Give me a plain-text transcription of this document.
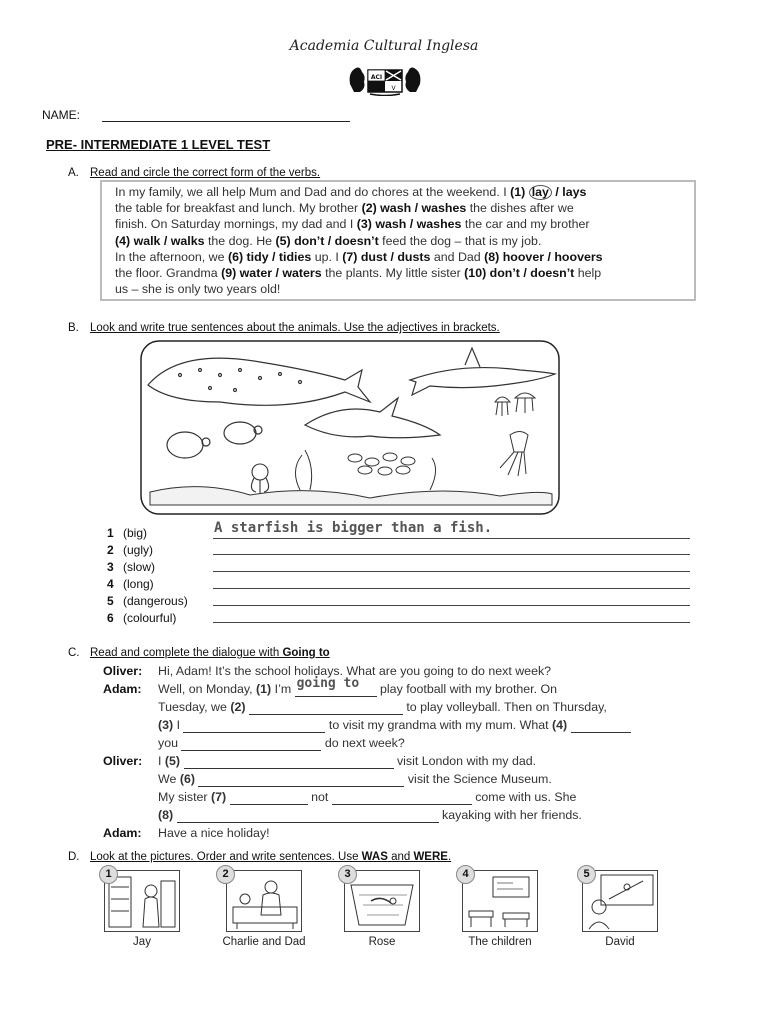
Academia Cultural Inglesa
ACI
V
NAME:
PRE- INTERMEDIATE 1 LEVEL TEST
A. Read and circle the correct form of the verbs.
In my family, we all help Mum and Dad and do chores at the weekend. I (1) lay / lays
the table for breakfast and lunch. My brother (2) wash / washes the dishes after we
finish. On Saturday mornings, my dad and I (3) wash / washes the car and my brother
(4) walk / walks the dog. He (5) don’t / doesn’t feed the dog – that is my job.
In the afternoon, we (6) tidy / tidies up. I (7) dust / dusts and Dad (8) hoover / hoovers
the floor. Grandma (9) water / waters the plants. My little sister (10) don’t / doesn’t help
us – she is only two years old!
B. Look and write true sentences about the animals. Use the adjectives in brackets.
1 (big)	A starfish is bigger than a fish.
2 (ugly)
3 (slow)
4 (long)
5 (dangerous)
6 (colourful)
C. Read and complete the dialogue with Going to
Oliver: Hi, Adam! It’s the school holidays. What are you going to do next week?
Adam: Well, on Monday, (1) I’m going to play football with my brother. On
Tuesday, we (2)	to play volleyball. Then on Thursday,
(3) I	to visit my grandma with my mum. What (4)
you	do next week?
Oliver: I (5)	visit London with my dad.
We (6)	visit the Science Museum.
My sister (7)	not	come with us. She
(8)	kayaking with her friends.
Adam: Have a nice holiday!
D. Look at the pictures. Order and write sentences. Use WAS and WERE.
1
Jay
2
Charlie and Dad
3
Rose
4
The children
5
David
